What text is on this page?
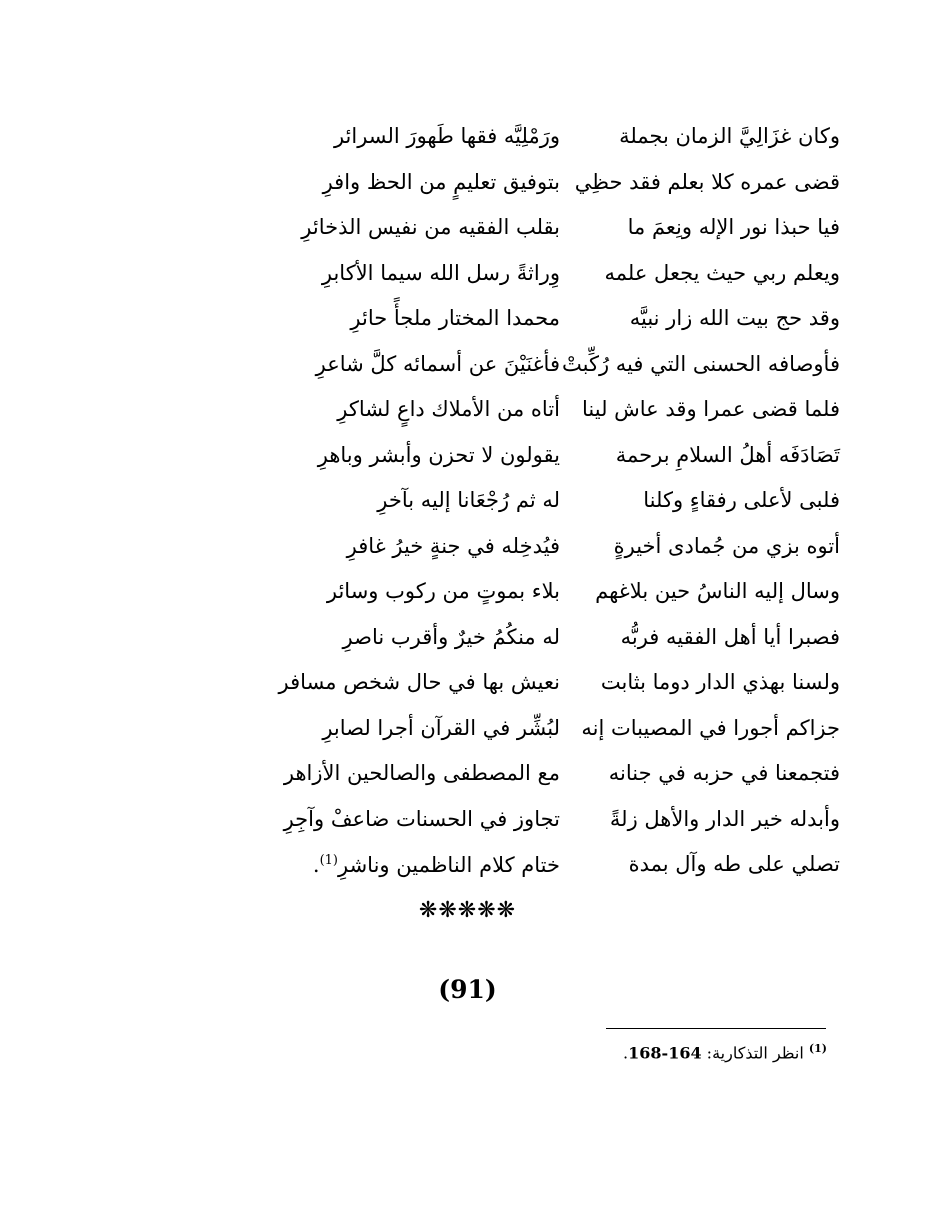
وكان غزَالِيَّ الزمان بجملة
ورَمْلِيَّه فقها طَهورَ السرائر
قضى عمره كلا بعلم فقد حظِي
بتوفيق تعليمٍ من الحظ وافرِ
فيا حبذا نور الإله ونِعمَ ما
بقلب الفقيه من نفيس الذخائرِ
ويعلم ربي حيث يجعل علمه
وِراثةً رسل الله سيما الأكابرِ
وقد حج بيت الله زار نبيَّه
محمدا المختار ملجأً حائرِ
فأوصافه الحسنى التي فيه رُكِّبتْ
فأغنَيْنَ عن أسمائه كلَّ شاعرِ
فلما قضى عمرا وقد عاش لينا
أتاه من الأملاك داعٍ لشاكرِ
تَصَادَفَه أهلُ السلامِ برحمة
يقولون لا تحزن وأبشر وباهرِ
فلبى لأعلى رفقاءٍ وكلنا
له ثم رُجْعَانا إليه بآخرِ
أتوه بزي من جُمادى أخيرةٍ
فيُدخِله في جنةٍ خيرُ غافرِ
وسال إليه الناسُ حين بلاغهم
بلاء بموتٍ من ركوب وسائر
فصبرا أيا أهل الفقيه فربُّه
له منكُمُ خيرٌ وأقرب ناصرِ
ولسنا بهذي الدار دوما بثابت
نعيش بها في حال شخص مسافر
جزاكم أجورا في المصيبات إنه
لبُشِّر في القرآن أجرا لصابرِ
فتجمعنا في حزبه في جنانه
مع المصطفى والصالحين الأزاهر
وأبدله خير الدار والأهل زلةً
تجاوز في الحسنات ضاعفْ وآجِرِ
تصلي على طه وآل بمدة
ختام كلام الناظمين وناشرِ$^{(1)}$.
❋❋❋❋❋
(91)
$^{(1)}$ انظر التذكارية: 164-168.
